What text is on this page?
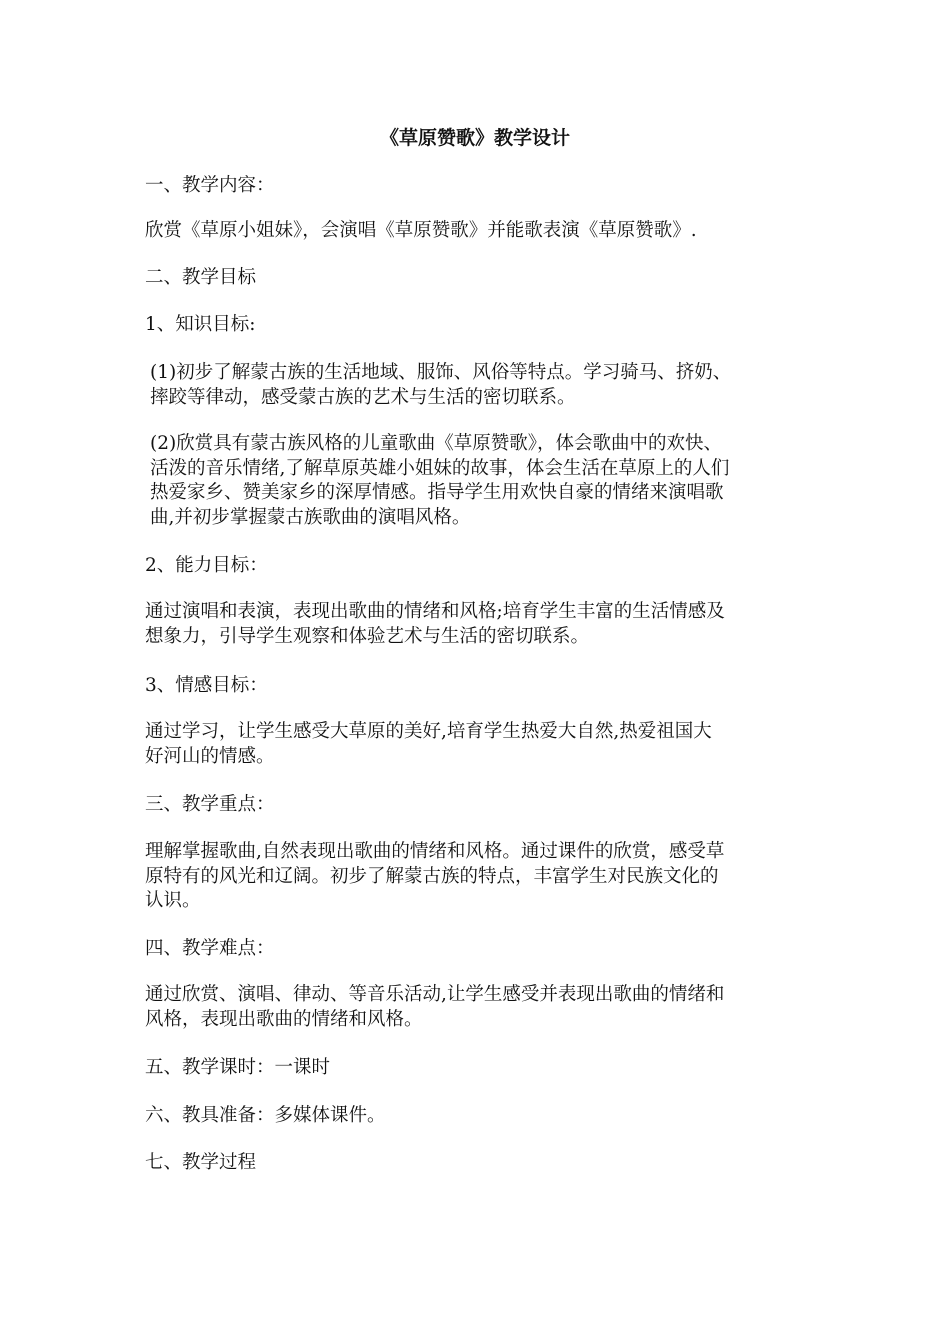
《草原赞歌》教学设计
一、教学内容：
欣赏《草原小姐妹》，会演唱《草原赞歌》并能歌表演《草原赞歌》.
二、教学目标
1、知识目标:
(1)初步了解蒙古族的生活地域、服饰、风俗等特点。学习骑马、挤奶、
摔跤等律动，感受蒙古族的艺术与生活的密切联系。
(2)欣赏具有蒙古族风格的儿童歌曲《草原赞歌》，体会歌曲中的欢快、
活泼的音乐情绪,了解草原英雄小姐妹的故事，体会生活在草原上的人们
热爱家乡、赞美家乡的深厚情感。指导学生用欢快自豪的情绪来演唱歌
曲,并初步掌握蒙古族歌曲的演唱风格。
2、能力目标：
通过演唱和表演，表现出歌曲的情绪和风格;培育学生丰富的生活情感及
想象力，引导学生观察和体验艺术与生活的密切联系。
3、情感目标：
通过学习，让学生感受大草原的美好,培育学生热爱大自然,热爱祖国大
好河山的情感。
三、教学重点：
理解掌握歌曲,自然表现出歌曲的情绪和风格。通过课件的欣赏，感受草
原特有的风光和辽阔。初步了解蒙古族的特点，丰富学生对民族文化的
认识。
四、教学难点：
通过欣赏、演唱、律动、等音乐活动,让学生感受并表现出歌曲的情绪和
风格，表现出歌曲的情绪和风格。
五、教学课时：一课时
六、教具准备：多媒体课件。
七、教学过程
